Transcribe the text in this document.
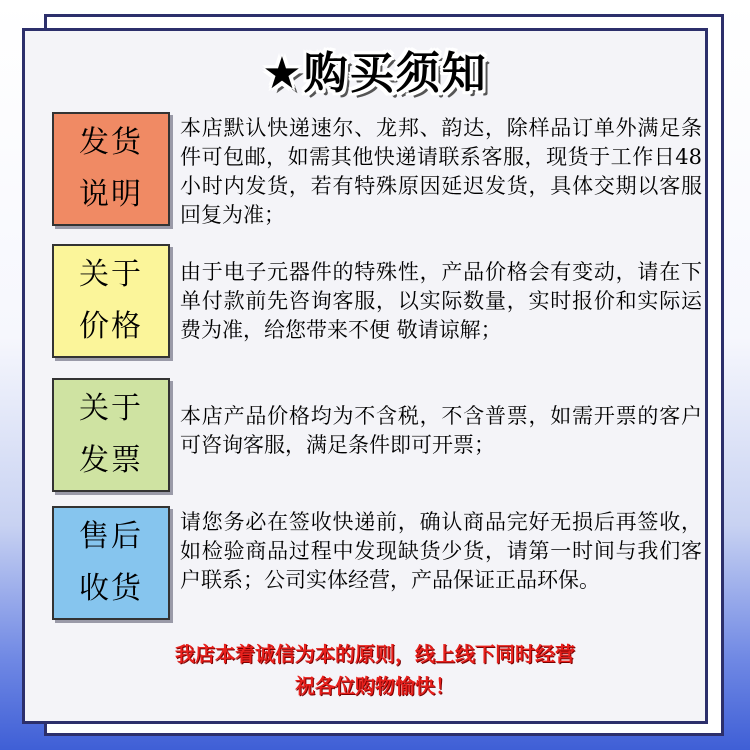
★购买须知
发货
说明
本店默认快递速尔、龙邦、韵达，除样品订单外满足条件可包邮，如需其他快递请联系客服，现货于工作日48小时内发货，若有特殊原因延迟发货，具体交期以客服回复为准；
关于
价格
由于电子元器件的特殊性，产品价格会有变动，请在下单付款前先咨询客服，以实际数量，实时报价和实际运费为准，给您带来不便 敬请谅解；
关于
发票
本店产品价格均为不含税，不含普票，如需开票的客户可咨询客服，满足条件即可开票；
售后
收货
请您务必在签收快递前，确认商品完好无损后再签收，如检验商品过程中发现缺货少货，请第一时间与我们客户联系；公司实体经营，产品保证正品环保。
我店本着诚信为本的原则，线上线下同时经营
祝各位购物愉快！
